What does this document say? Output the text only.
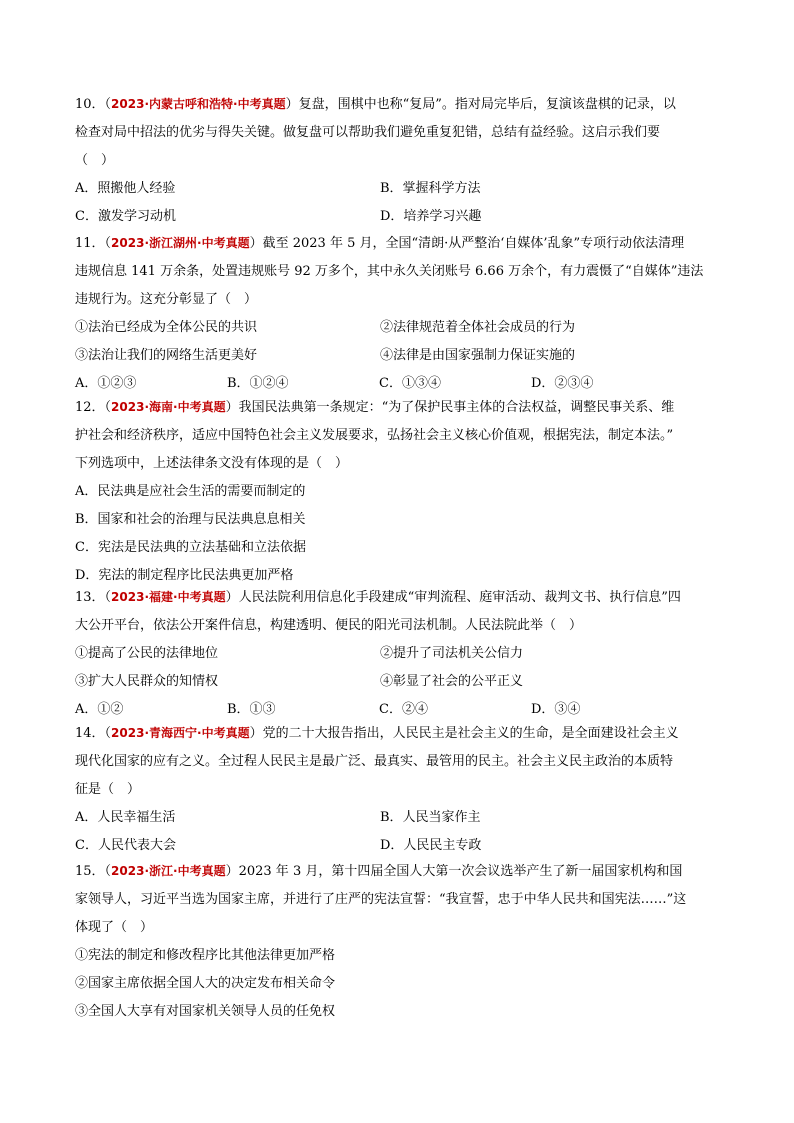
10．（2023·内蒙古呼和浩特·中考真题）复盘，围棋中也称“复局”。指对局完毕后，复演该盘棋的记录，以

检查对局中招法的优劣与得失关键。做复盘可以帮助我们避免重复犯错，总结有益经验。这启示我们要

（　）

A．照搬他人经验	B．掌握科学方法
C．激发学习动机	D．培养学习兴趣

11．（2023·浙江湖州·中考真题）截至 2023 年 5 月，全国“清朗·从严整治‘自媒体’乱象”专项行动依法清理

违规信息 141 万余条，处置违规账号 92 万多个，其中永久关闭账号 6.66 万余个，有力震慑了“自媒体”违法

违规行为。这充分彰显了（　）

①法治已经成为全体公民的共识	②法律规范着全体社会成员的行为
③法治让我们的网络生活更美好	④法律是由国家强制力保证实施的
A．①②③	B．①②④	C．①③④	D．②③④

12．（2023·海南·中考真题）我国民法典第一条规定：“为了保护民事主体的合法权益，调整民事关系、维

护社会和经济秩序，适应中国特色社会主义发展要求，弘扬社会主义核心价值观，根据宪法，制定本法。”

下列选项中，上述法律条文没有体现的是（　）

A．民法典是应社会生活的需要而制定的

B．国家和社会的治理与民法典息息相关

C．宪法是民法典的立法基础和立法依据

D．宪法的制定程序比民法典更加严格

13．（2023·福建·中考真题）人民法院利用信息化手段建成“审判流程、庭审活动、裁判文书、执行信息”四

大公开平台，依法公开案件信息，构建透明、便民的阳光司法机制。人民法院此举（　）

①提高了公民的法律地位	②提升了司法机关公信力
③扩大人民群众的知情权	④彰显了社会的公平正义
A．①②	B．①③	C．②④	D．③④

14．（2023·青海西宁·中考真题）党的二十大报告指出，人民民主是社会主义的生命，是全面建设社会主义

现代化国家的应有之义。全过程人民民主是最广泛、最真实、最管用的民主。社会主义民主政治的本质特

征是（　）

A．人民幸福生活	B．人民当家作主
C．人民代表大会	D．人民民主专政

15．（2023·浙江·中考真题）2023 年 3 月，第十四届全国人大第一次会议选举产生了新一届国家机构和国

家领导人，习近平当选为国家主席，并进行了庄严的宪法宣誓：“我宣誓，忠于中华人民共和国宪法……”这

体现了（　）

①宪法的制定和修改程序比其他法律更加严格

②国家主席依据全国人大的决定发布相关命令

③全国人大享有对国家机关领导人员的任免权
